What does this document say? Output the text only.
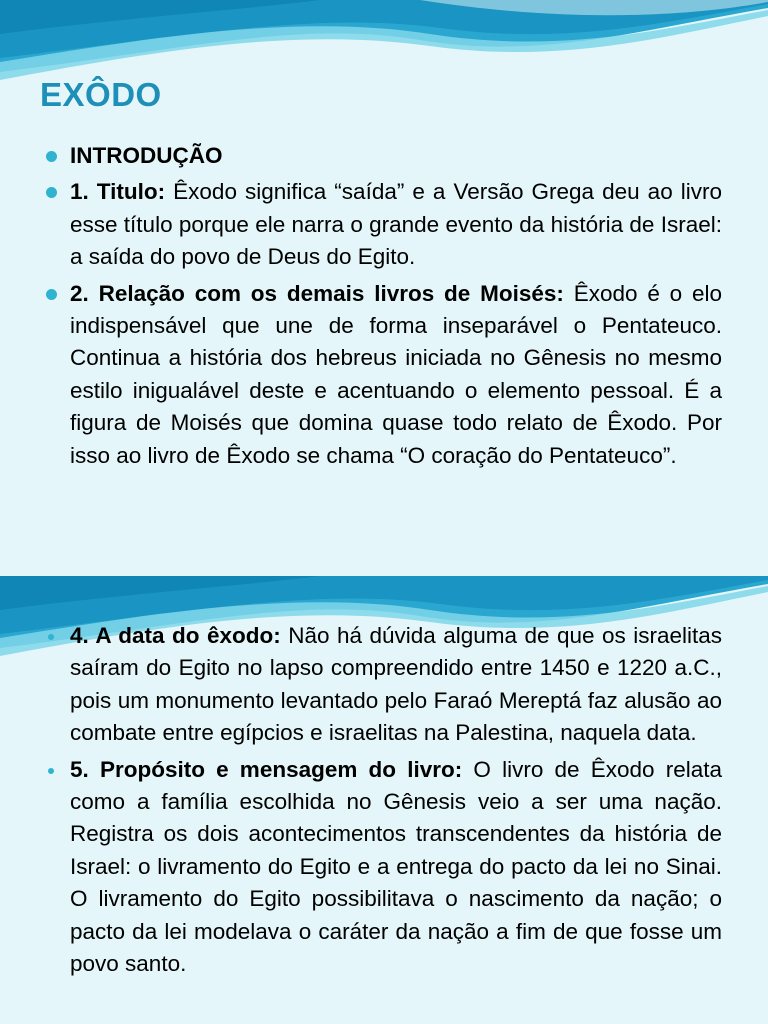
EXÔDO
INTRODUÇÃO
1. Titulo: Êxodo significa “saída” e a Versão Grega deu ao livro esse título porque ele narra o grande evento da história de Israel: a saída do povo de Deus do Egito.
2. Relação com os demais livros de Moisés: Êxodo é o elo indispensável que une de forma inseparável o Pentateuco. Continua a história dos hebreus iniciada no Gênesis no mesmo estilo inigualável deste e acentuando o elemento pessoal. É a figura de Moisés que domina quase todo relato de Êxodo. Por isso ao livro de Êxodo se chama “O coração do Pentateuco”.
4. A data do êxodo: Não há dúvida alguma de que os israelitas saíram do Egito no lapso compreendido entre 1450 e 1220 a.C., pois um monumento levantado pelo Faraó Mereptá faz alusão ao combate entre egípcios e israelitas na Palestina, naquela data.
5. Propósito e mensagem do livro: O livro de Êxodo relata como a família escolhida no Gênesis veio a ser uma nação. Registra os dois acontecimentos transcendentes da história de Israel: o livramento do Egito e a entrega do pacto da lei no Sinai. O livramento do Egito possibilitava o nascimento da nação; o pacto da lei modelava o caráter da nação a fim de que fosse um povo santo.
